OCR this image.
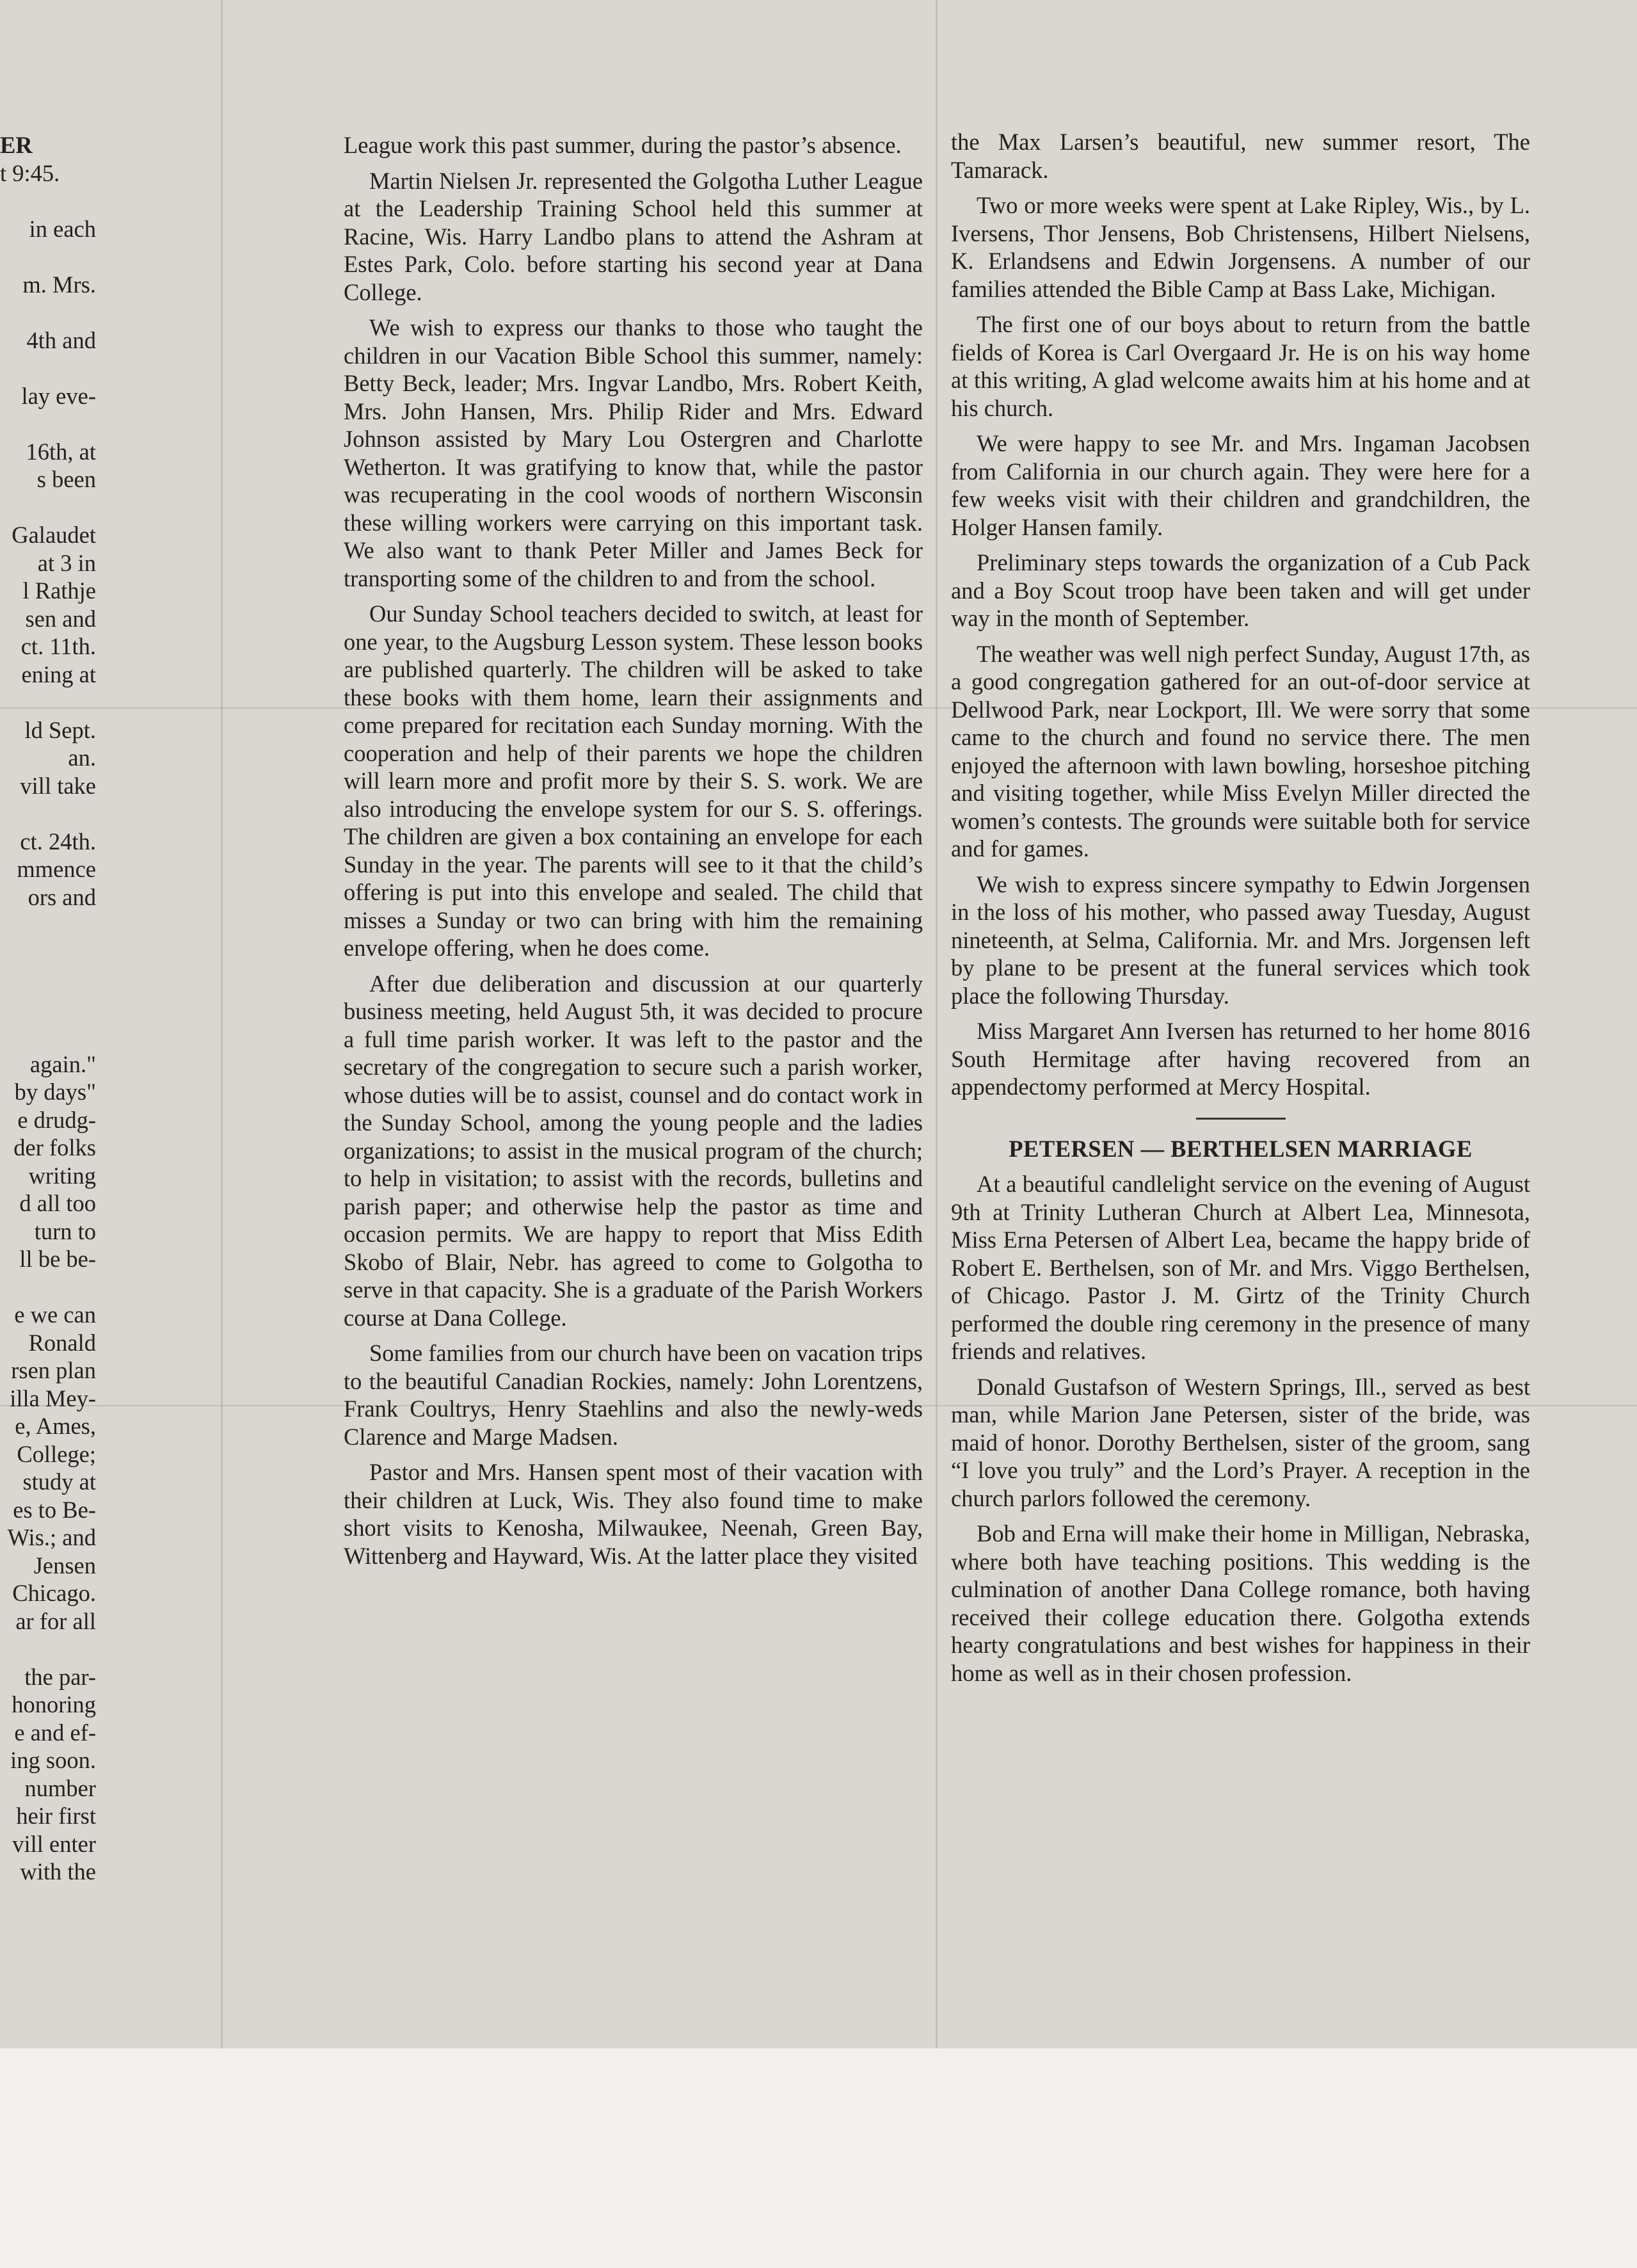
ER
t 9:45.
in each
m. Mrs.
4th and
lay eve-
16th, at
s been
Galaudet
at 3 in
l Rathje
sen and
ct. 11th.
ening at
ld Sept.
an.
vill take
ct. 24th.
mmence
ors and
again."
by days"
e drudg-
der folks
writing
d all too
turn to
ll be be-
e we can
Ronald
rsen plan
illa Mey-
e, Ames,
College;
study at
es to Be-
Wis.; and
Jensen
Chicago.
ar for all
the par-
honoring
e and ef-
ing soon.
number
heir first
vill enter
with the

League work this past summer, during the pastor’s absence.

Martin Nielsen Jr. represented the Golgotha Luther League at the Leadership Training School held this summer at Racine, Wis. Harry Landbo plans to attend the Ashram at Estes Park, Colo. before starting his second year at Dana College.

We wish to express our thanks to those who taught the children in our Vacation Bible School this summer, namely: Betty Beck, leader; Mrs. Ingvar Landbo, Mrs. Robert Keith, Mrs. John Hansen, Mrs. Philip Rider and Mrs. Edward Johnson assisted by Mary Lou Ostergren and Charlotte Wetherton. It was gratifying to know that, while the pastor was recuperating in the cool woods of northern Wisconsin these willing workers were carrying on this important task. We also want to thank Peter Miller and James Beck for transporting some of the children to and from the school.

Our Sunday School teachers decided to switch, at least for one year, to the Augsburg Lesson system. These lesson books are published quarterly. The children will be asked to take these books with them home, learn their assignments and come prepared for recitation each Sunday morning. With the cooperation and help of their parents we hope the children will learn more and profit more by their S. S. work. We are also introducing the envelope system for our S. S. offerings. The children are given a box containing an envelope for each Sunday in the year. The parents will see to it that the child’s offering is put into this envelope and sealed. The child that misses a Sunday or two can bring with him the remaining envelope offering, when he does come.

After due deliberation and discussion at our quarterly business meeting, held August 5th, it was decided to procure a full time parish worker. It was left to the pastor and the secretary of the congregation to secure such a parish worker, whose duties will be to assist, counsel and do contact work in the Sunday School, among the young people and the ladies organizations; to assist in the musical program of the church; to help in visitation; to assist with the records, bulletins and parish paper; and otherwise help the pastor as time and occasion permits. We are happy to report that Miss Edith Skobo of Blair, Nebr. has agreed to come to Golgotha to serve in that capacity. She is a graduate of the Parish Workers course at Dana College.

Some families from our church have been on vacation trips to the beautiful Canadian Rockies, namely: John Lorentzens, Frank Coultrys, Henry Staehlins and also the newly-weds Clarence and Marge Madsen.

Pastor and Mrs. Hansen spent most of their vacation with their children at Luck, Wis. They also found time to make short visits to Kenosha, Milwaukee, Neenah, Green Bay, Wittenberg and Hayward, Wis. At the latter place they visited

the Max Larsen’s beautiful, new summer resort, The Tamarack.

Two or more weeks were spent at Lake Ripley, Wis., by L. Iversens, Thor Jensens, Bob Christensens, Hilbert Nielsens, K. Erlandsens and Edwin Jorgensens. A number of our families attended the Bible Camp at Bass Lake, Michigan.

The first one of our boys about to return from the battle fields of Korea is Carl Overgaard Jr. He is on his way home at this writing, A glad welcome awaits him at his home and at his church.

We were happy to see Mr. and Mrs. Ingaman Jacobsen from California in our church again. They were here for a few weeks visit with their children and grandchildren, the Holger Hansen family.

Preliminary steps towards the organization of a Cub Pack and a Boy Scout troop have been taken and will get under way in the month of September.

The weather was well nigh perfect Sunday, August 17th, as a good congregation gathered for an out-of-door service at Dellwood Park, near Lockport, Ill. We were sorry that some came to the church and found no service there. The men enjoyed the afternoon with lawn bowling, horseshoe pitching and visiting together, while Miss Evelyn Miller directed the women’s contests. The grounds were suitable both for service and for games.

We wish to express sincere sympathy to Edwin Jorgensen in the loss of his mother, who passed away Tuesday, August nineteenth, at Selma, California. Mr. and Mrs. Jorgensen left by plane to be present at the funeral services which took place the following Thursday.

Miss Margaret Ann Iversen has returned to her home 8016 South Hermitage after having recovered from an appendectomy performed at Mercy Hospital.

PETERSEN — BERTHELSEN MARRIAGE

At a beautiful candlelight service on the evening of August 9th at Trinity Lutheran Church at Albert Lea, Minnesota, Miss Erna Petersen of Albert Lea, became the happy bride of Robert E. Berthelsen, son of Mr. and Mrs. Viggo Berthelsen, of Chicago. Pastor J. M. Girtz of the Trinity Church performed the double ring ceremony in the presence of many friends and relatives.

Donald Gustafson of Western Springs, Ill., served as best man, while Marion Jane Petersen, sister of the bride, was maid of honor. Dorothy Berthelsen, sister of the groom, sang “I love you truly” and the Lord’s Prayer. A reception in the church parlors followed the ceremony.

Bob and Erna will make their home in Milligan, Nebraska, where both have teaching positions. This wedding is the culmination of another Dana College romance, both having received their college education there. Golgotha extends hearty congratulations and best wishes for happiness in their home as well as in their chosen profession.
